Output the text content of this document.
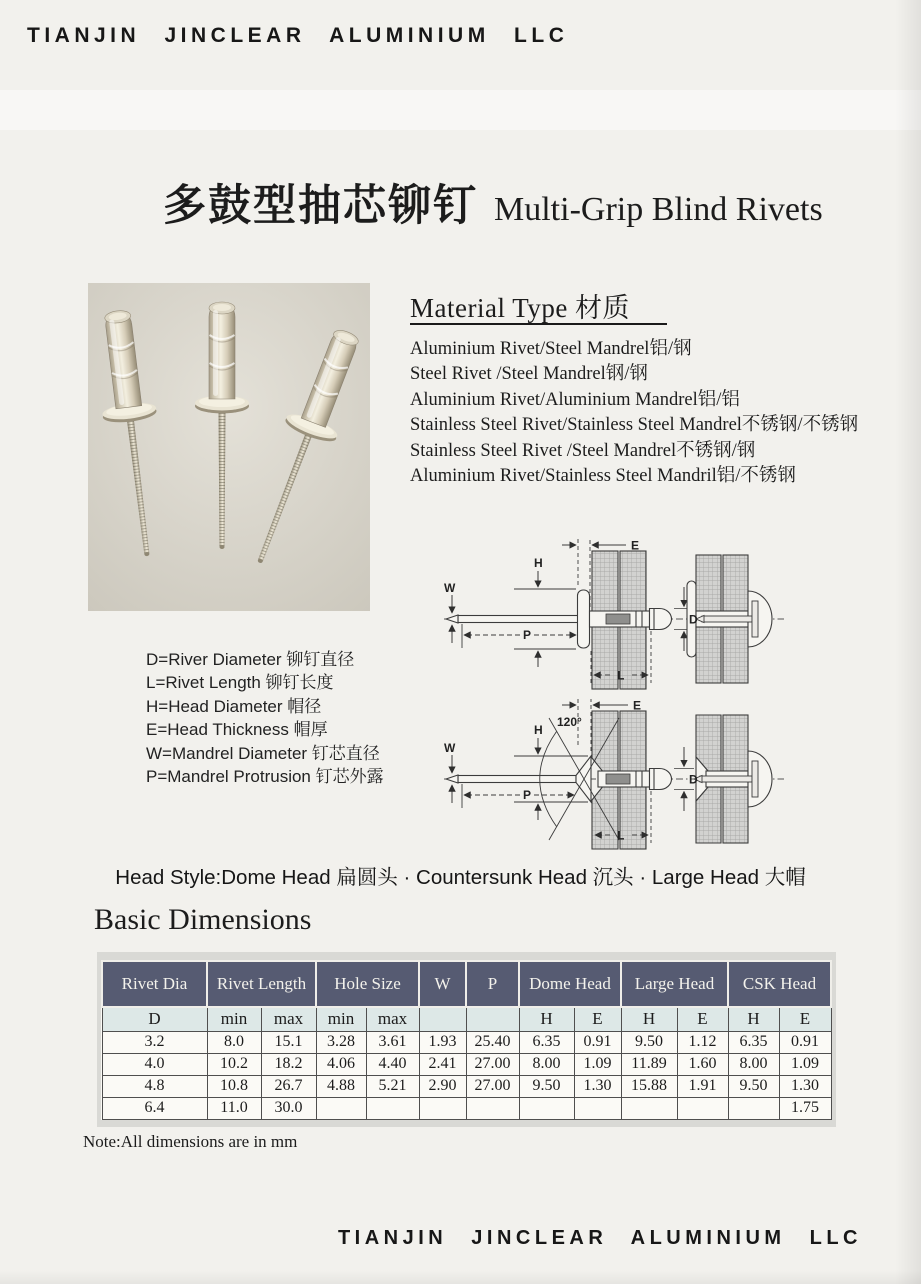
TIANJIN JINCLEAR ALUMINIUM LLC
多鼓型抽芯铆钉 Multi-Grip Blind Rivets
Material Type 材质
Aluminium Rivet/Steel Mandrel铝/钢
Steel Rivet /Steel Mandrel钢/钢
Aluminium Rivet/Aluminium Mandrel铝/铝
Stainless Steel Rivet/Stainless Steel Mandrel不锈钢/不锈钢
Stainless Steel Rivet /Steel Mandrel不锈钢/钢
Aluminium Rivet/Stainless Steel Mandril铝/不锈钢
D=River Diameter 铆钉直径
L=Rivet Length 铆钉长度
H=Head Diameter 帽径
E=Head Thickness 帽厚
W=Mandrel Diameter 钉芯直径
P=Mandrel Protrusion 钉芯外露
E
H
W
P
D
L
E
H
W
P
D
L
120°
Head Style:Dome Head 扁圆头 · Countersunk Head 沉头 · Large Head 大帽
Basic Dimensions
Rivet Dia	Rivet Length		Hole Size		W	P	Dome Head		Large Head		CSK Head	
D	min	max	min	max			H	E	H	E	H	E
3.2	8.0	15.1	3.28	3.61	1.93	25.40	6.35	0.91	9.50	1.12	6.35	0.91
4.0	10.2	18.2	4.06	4.40	2.41	27.00	8.00	1.09	11.89	1.60	8.00	1.09
4.8	10.8	26.7	4.88	5.21	2.90	27.00	9.50	1.30	15.88	1.91	9.50	1.30
6.4	11.0	30.0										1.75
Note:All dimensions are in mm
TIANJIN JINCLEAR ALUMINIUM LLC
